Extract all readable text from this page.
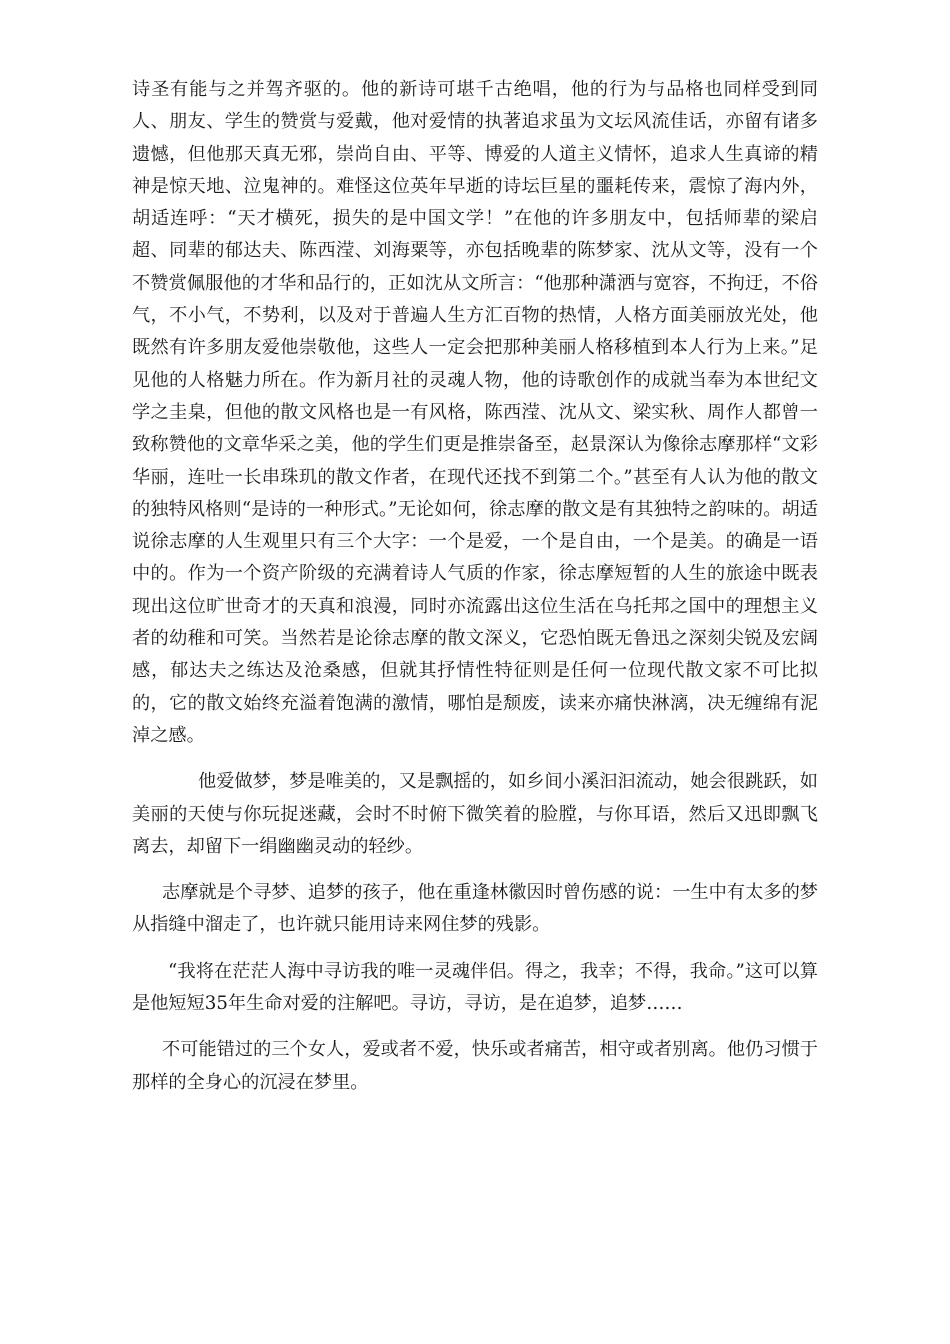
诗圣有能与之并驾齐驱的。他的新诗可堪千古绝唱，他的行为与品格也同样受到同人、朋友、学生的赞赏与爱戴，他对爱情的执著追求虽为文坛风流佳话，亦留有诸多遗憾，但他那天真无邪，崇尚自由、平等、博爱的人道主义情怀，追求人生真谛的精神是惊天地、泣鬼神的。难怪这位英年早逝的诗坛巨星的噩耗传来，震惊了海内外，胡适连呼：“天才横死，损失的是中国文学！”在他的许多朋友中，包括师辈的梁启超、同辈的郁达夫、陈西滢、刘海粟等，亦包括晚辈的陈梦家、沈从文等，没有一个不赞赏佩服他的才华和品行的，正如沈从文所言：“他那种潇洒与宽容，不拘迂，不俗气，不小气，不势利，以及对于普遍人生方汇百物的热情，人格方面美丽放光处，他既然有许多朋友爱他崇敬他，这些人一定会把那种美丽人格移植到本人行为上来。”足见他的人格魅力所在。作为新月社的灵魂人物，他的诗歌创作的成就当奉为本世纪文学之圭臬，但他的散文风格也是一有风格，陈西滢、沈从文、梁实秋、周作人都曾一致称赞他的文章华采之美，他的学生们更是推崇备至，赵景深认为像徐志摩那样“文彩华丽，连吐一长串珠玑的散文作者，在现代还找不到第二个。”甚至有人认为他的散文的独特风格则“是诗的一种形式。”无论如何，徐志摩的散文是有其独特之韵味的。胡适说徐志摩的人生观里只有三个大字：一个是爱，一个是自由，一个是美。的确是一语中的。作为一个资产阶级的充满着诗人气质的作家，徐志摩短暂的人生的旅途中既表现出这位旷世奇才的天真和浪漫，同时亦流露出这位生活在乌托邦之国中的理想主义者的幼稚和可笑。当然若是论徐志摩的散文深义，它恐怕既无鲁迅之深刻尖锐及宏阔感，郁达夫之练达及沧桑感，但就其抒情性特征则是任何一位现代散文家不可比拟的，它的散文始终充溢着饱满的激情，哪怕是颓废，读来亦痛快淋漓，决无缠绵有泥淖之感。

他爱做梦，梦是唯美的，又是飘摇的，如乡间小溪汩汩流动，她会很跳跃，如美丽的天使与你玩捉迷藏，会时不时俯下微笑着的脸膛，与你耳语，然后又迅即飘飞离去，却留下一绢幽幽灵动的轻纱。

志摩就是个寻梦、追梦的孩子，他在重逢林徽因时曾伤感的说：一生中有太多的梦从指缝中溜走了，也许就只能用诗来网住梦的残影。

“我将在茫茫人海中寻访我的唯一灵魂伴侣。得之，我幸；不得，我命。”这可以算是他短短35年生命对爱的注解吧。寻访，寻访，是在追梦，追梦……

不可能错过的三个女人，爱或者不爱，快乐或者痛苦，相守或者别离。他仍习惯于那样的全身心的沉浸在梦里。
